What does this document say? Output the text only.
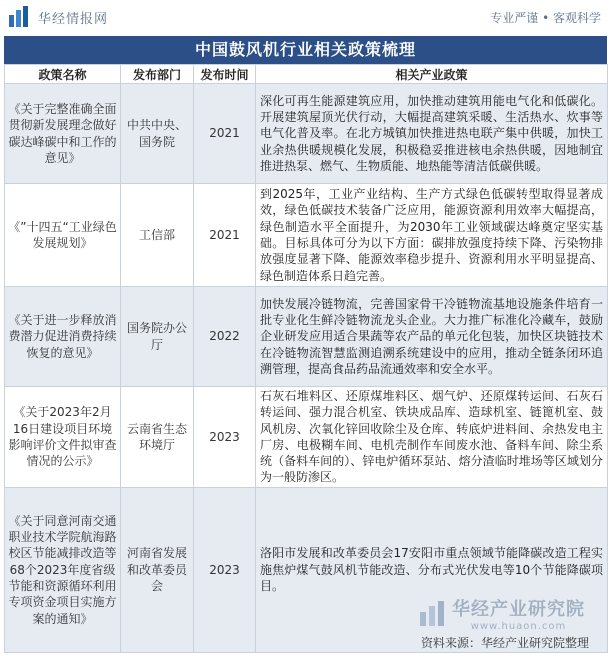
华经情报网	专业严谨 • 客观科学
中国鼓风机行业相关政策梳理
政策名称	发布部门	发布时间	相关产业政策
《关于完整准确全面贯彻新发展理念做好碳达峰碳中和工作的意见》	中共中央、国务院	2021	深化可再生能源建筑应用，加快推动建筑用能电气化和低碳化。开展建筑屋顶光伏行动，大幅提高建筑采暖、生活热水、炊事等电气化普及率。在北方城镇加快推进热电联产集中供暖，加快工业余热供暖规模化发展，积极稳妥推进核电余热供暖，因地制宜推进热泵、燃气、生物质能、地热能等清洁低碳供暖。
《”十四五“工业绿色发展规划》	工信部	2021	到2025年，工业产业结构、生产方式绿色低碳转型取得显著成效，绿色低碳技术装备广泛应用，能源资源利用效率大幅提高，绿色制造水平全面提升，为2030年工业领域碳达峰奠定坚实基础。目标具体可分为以下方面：碳排放强度持续下降、污染物排放强度显著下降、能源效率稳步提升、资源利用水平明显提高、绿色制造体系日趋完善。
《关于进一步释放消费潜力促进消费持续恢复的意见》	国务院办公厅	2022	加快发展冷链物流，完善国家骨干冷链物流基地设施条件培育一批专业化生鲜冷链物流龙头企业。大力推广标准化冷藏车，鼓励企业研发应用适合果蔬等农产品的单元化包装，加快区块链技术在冷链物流智慧监测追溯系统建设中的应用，推动全链条闭环追溯管理，提高食品药品流通效率和安全水平。
《关于2023年2月16日建设项目环境影响评价文件拟审查情况的公示》	云南省生态环境厅	2023	石灰石堆料区、还原煤堆料区、烟气炉、还原煤转运间、石灰石转运间、强力混合机室、铁块成品库、造球机室、链篦机室、鼓风机房、次氧化锌回收除尘及仓库、转底炉进料间、余热发电主厂房、电极糊车间、电机壳制作车间废水池、备料车间、除尘系统（备料车间的）、锌电炉循环泵站、熔分渣临时堆场等区域划分为一般防渗区。
《关于同意河南交通职业技术学院航海路校区节能减排改造等68个2023年度省级节能和资源循环利用专项资金项目实施方案的通知》	河南省发展和改革委员会	2023	洛阳市发展和改革委员会17安阳市重点领域节能降碳改造工程实施焦炉煤气鼓风机节能改造、分布式光伏发电等10个节能降碳项目。
华经产业研究院
www.huaon.com
资料来源：华经产业研究院整理
